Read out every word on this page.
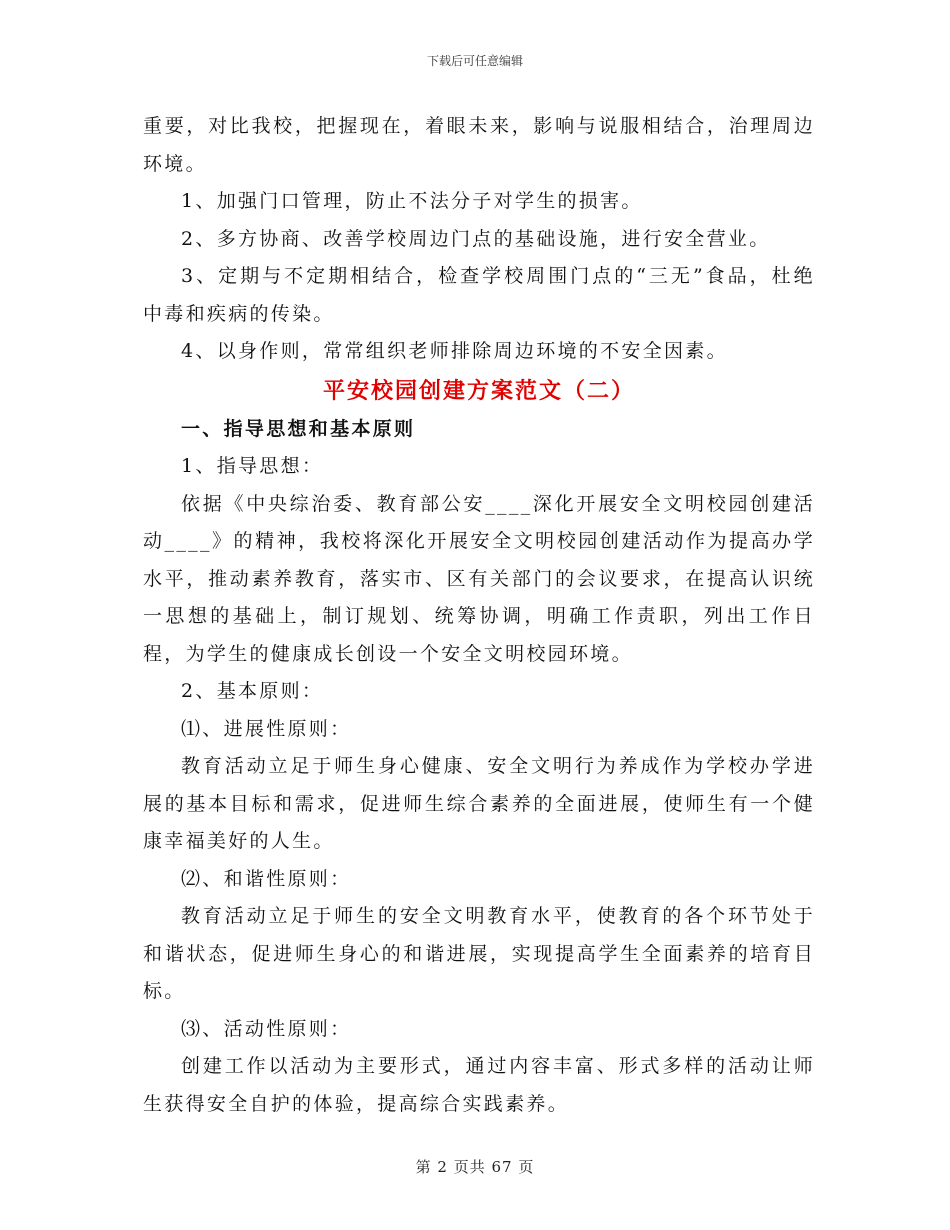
下载后可任意编辑

重要，对比我校，把握现在，着眼未来，影响与说服相结合，治理周边环境。

1、加强门口管理，防止不法分子对学生的损害。

2、多方协商、改善学校周边门点的基础设施，进行安全营业。

3、定期与不定期相结合，检查学校周围门点的“三无”食品，杜绝中毒和疾病的传染。

4、以身作则，常常组织老师排除周边环境的不安全因素。

平安校园创建方案范文（二）

一、指导思想和基本原则

1、指导思想：

依据《中央综治委、教育部公安____深化开展安全文明校园创建活动____》的精神，我校将深化开展安全文明校园创建活动作为提高办学水平，推动素养教育，落实市、区有关部门的会议要求，在提高认识统一思想的基础上，制订规划、统筹协调，明确工作责职，列出工作日程，为学生的健康成长创设一个安全文明校园环境。

2、基本原则：

⑴、进展性原则：

教育活动立足于师生身心健康、安全文明行为养成作为学校办学进展的基本目标和需求，促进师生综合素养的全面进展，使师生有一个健康幸福美好的人生。

⑵、和谐性原则：

教育活动立足于师生的安全文明教育水平，使教育的各个环节处于和谐状态，促进师生身心的和谐进展，实现提高学生全面素养的培育目标。

⑶、活动性原则：

创建工作以活动为主要形式，通过内容丰富、形式多样的活动让师生获得安全自护的体验，提高综合实践素养。

第 2 页共 67 页
